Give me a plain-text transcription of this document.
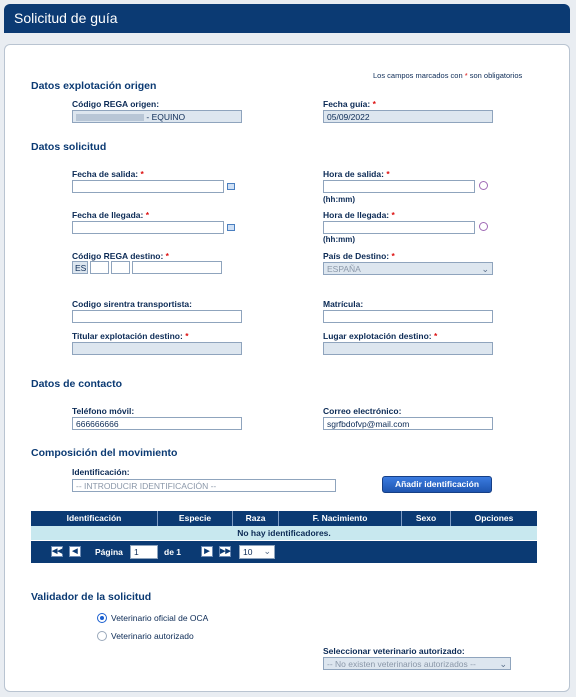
Solicitud de guía
Los campos marcados con * son obligatorios
Datos explotación origen
Código REGA origen:
- EQUINO
Fecha guía: *
05/09/2022
Datos solicitud
Fecha de salida: *	Hora de salida: *
(hh:mm)
Fecha de llegada: *	Hora de llegada: *
(hh:mm)
Código REGA destino: *
ES
País de Destino: *
ESPAÑA	⌄
Codigo sirentra transportista:	Matrícula:
Titular explotación destino: *	Lugar explotación destino: *
Datos de contacto
Teléfono móvil:
666666666
Correo electrónico:
sgrfbdofvp@mail.com
Composición del movimiento
Identificación:
-- INTRODUCIR IDENTIFICACIÓN --	Añadir identificación
Identificación	Especie	Raza	F. Nacimiento	Sexo	Opciones
No hay identificadores.
◀◀	◀	Página	1	de 1	▶	▶▶	10 ⌄
Validador de la solicitud
Veterinario oficial de OCA
Veterinario autorizado
Seleccionar veterinario autorizado:
-- No existen veterinarios autorizados --	⌄
